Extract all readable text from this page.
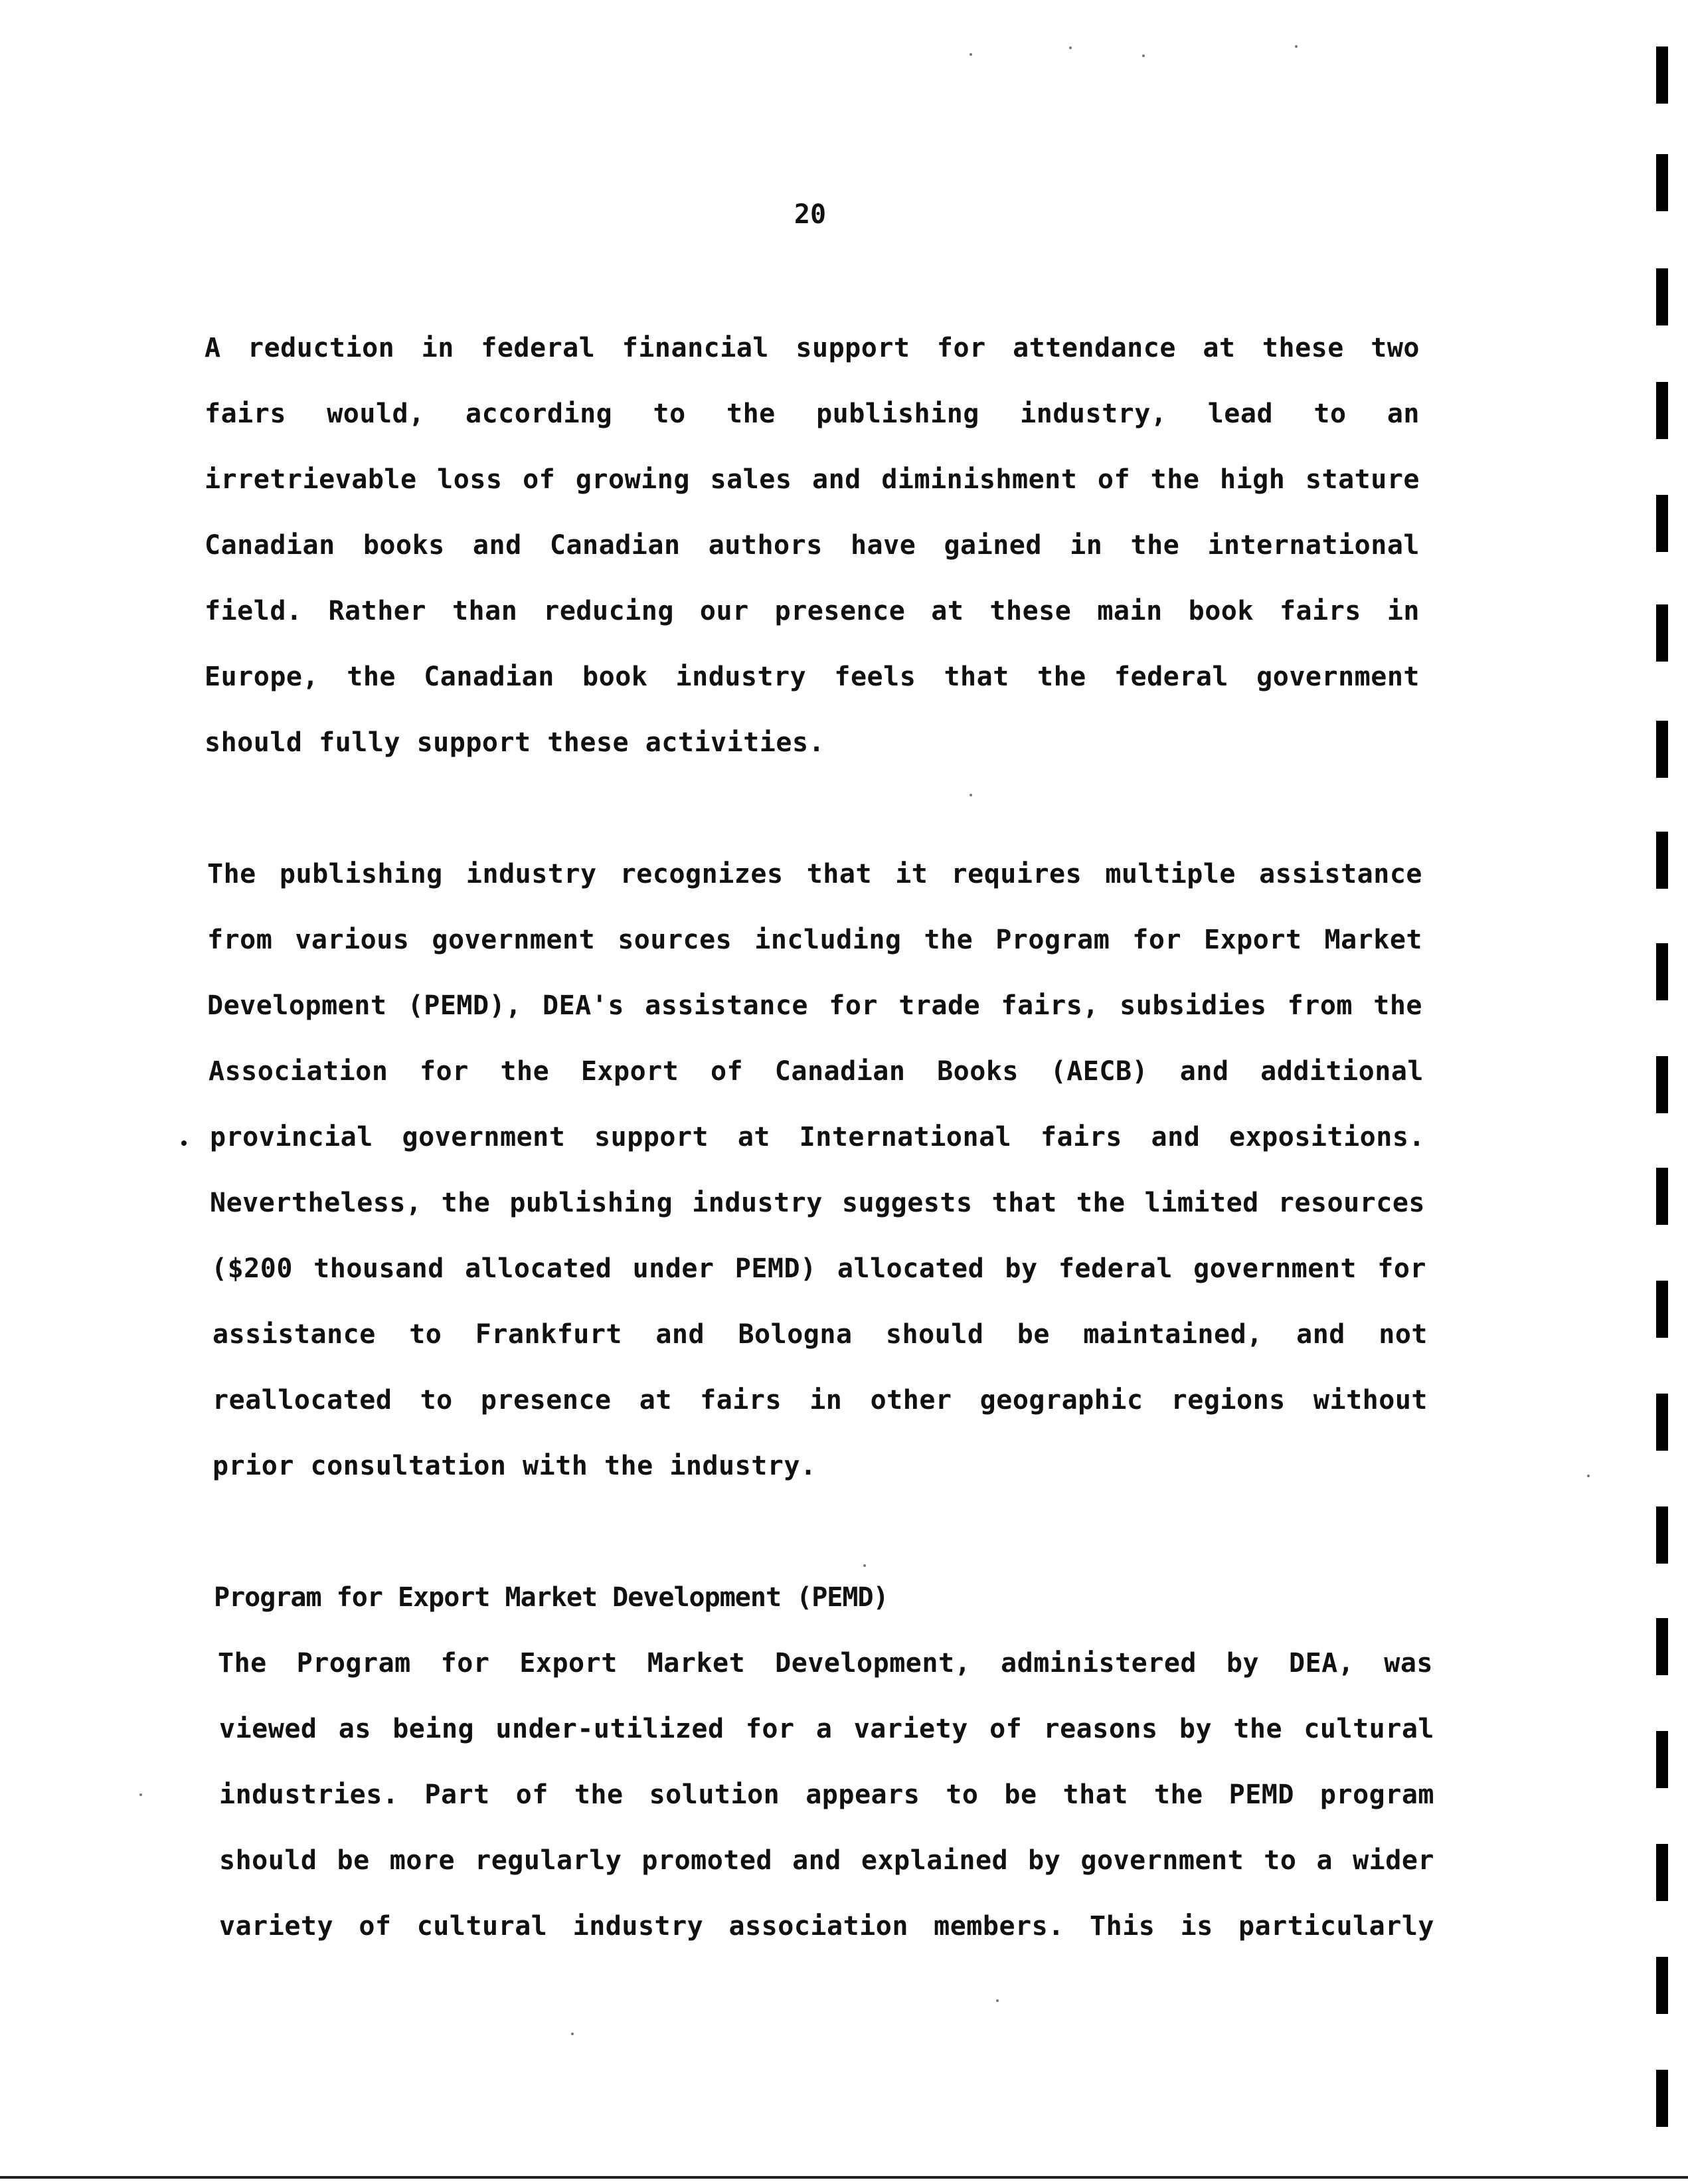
20
A reduction in federal financial support for attendance at these two
fairs would, according to the publishing industry, lead to an
irretrievable loss of growing sales and diminishment of the high stature
Canadian books and Canadian authors have gained in the international
field. Rather than reducing our presence at these main book fairs in
Europe, the Canadian book industry feels that the federal government
should fully support these activities.
The publishing industry recognizes that it requires multiple assistance
from various government sources including the Program for Export Market
Development (PEMD), DEA's assistance for trade fairs, subsidies from the
Association for the Export of Canadian Books (AECB) and additional
provincial government support at International fairs and expositions.
Nevertheless, the publishing industry suggests that the limited resources
($200 thousand allocated under PEMD) allocated by federal government for
assistance to Frankfurt and Bologna should be maintained, and not
reallocated to presence at fairs in other geographic regions without
prior consultation with the industry.
Program for Export Market Development (PEMD)
The Program for Export Market Development, administered by DEA, was
viewed as being under-utilized for a variety of reasons by the cultural
industries. Part of the solution appears to be that the PEMD program
should be more regularly promoted and explained by government to a wider
variety of cultural industry association members. This is particularly
